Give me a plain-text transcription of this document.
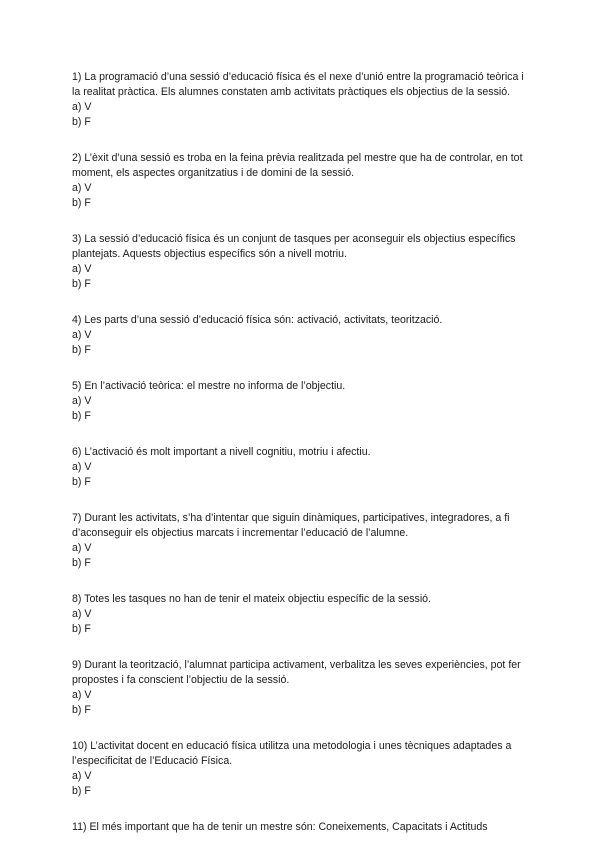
1) La programació d’una sessió d’educació física és el nexe d’unió entre la programació teòrica i la realitat pràctica. Els alumnes constaten amb activitats pràctiques els objectius de la sessió.

a) V

b) F

2) L’èxit d’una sessió es troba en la feina prèvia realitzada pel mestre que ha de controlar, en tot moment, els aspectes organitzatius i de domini de la sessió.

a) V

b) F

3) La sessió d’educació física és un conjunt de tasques per aconseguir els objectius específics plantejats. Aquests objectius específics són a nivell motriu.

a) V

b) F

4) Les parts d’una sessió d’educació física són: activació, activitats, teorització.

a) V

b) F

5) En l’activació teòrica: el mestre no informa de l’objectiu.

a) V

b) F

6) L’activació és molt important a nivell cognitiu, motriu i afectiu.

a) V

b) F

7) Durant les activitats, s’ha d’intentar que siguin dinàmiques, participatives, integradores, a fi d’aconseguir els objectius marcats i incrementar l’educació de l’alumne.

a) V

b) F

8) Totes les tasques no han de tenir el mateix objectiu específic de la sessió.

a) V

b) F

9) Durant la teorització, l’alumnat participa activament, verbalitza les seves experiències, pot fer propostes i fa conscient l’objectiu de la sessió.

a) V

b) F

10) L’activitat docent en educació física utilitza una metodologia i unes tècniques adaptades a l’especificitat de l’Educació Física.

a) V

b) F

11) El més important que ha de tenir un mestre són: Coneixements, Capacitats i Actituds
